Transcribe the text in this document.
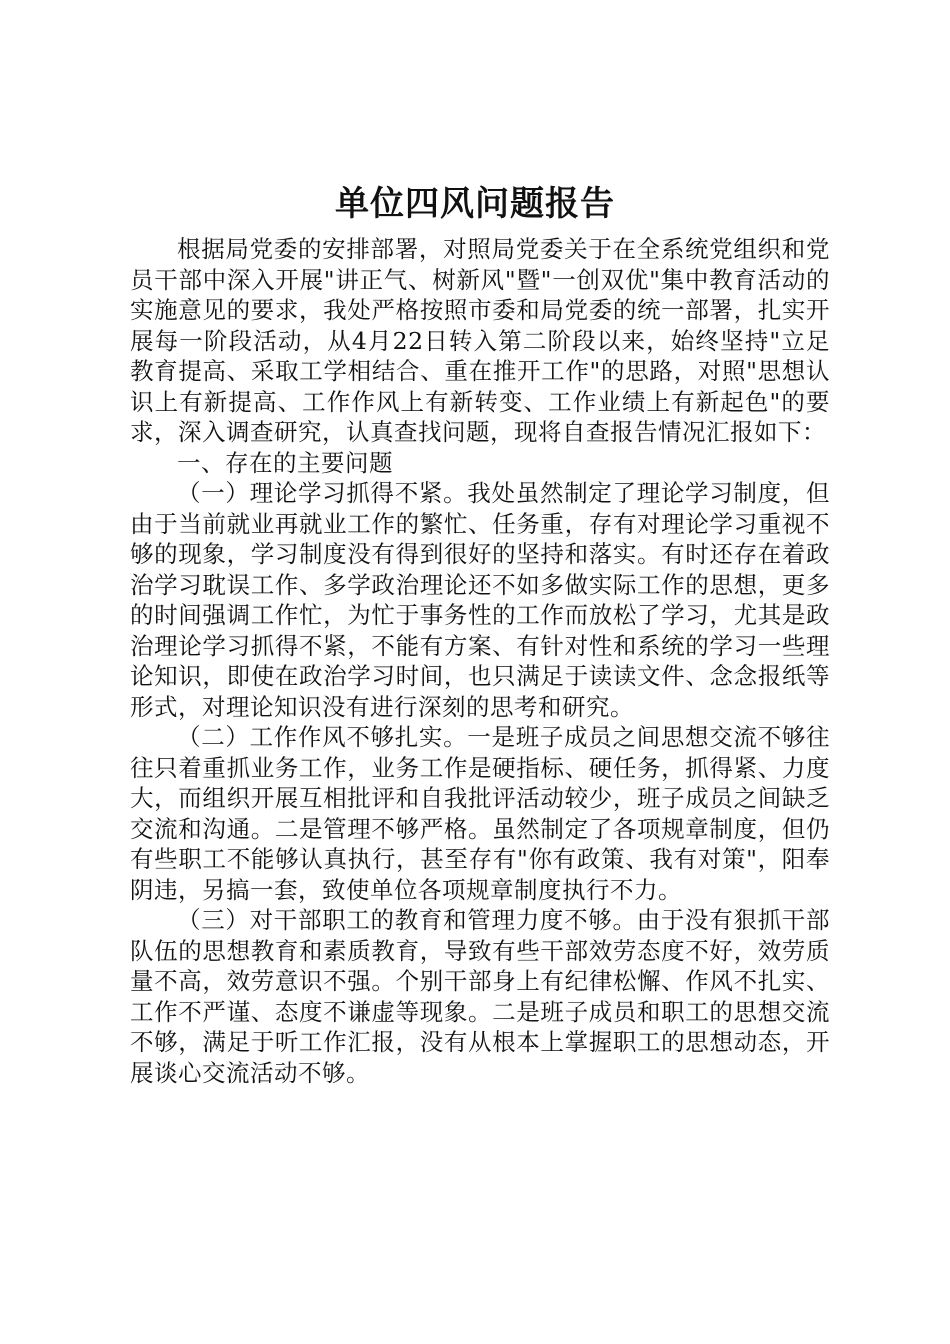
单位四风问题报告

根据局党委的安排部署，对照局党委关于在全系统党组织和党员干部中深入开展"讲正气、树新风"暨"一创双优"集中教育活动的实施意见的要求，我处严格按照市委和局党委的统一部署，扎实开展每一阶段活动，从4月22日转入第二阶段以来，始终坚持"立足教育提高、采取工学相结合、重在推开工作"的思路，对照"思想认识上有新提高、工作作风上有新转变、工作业绩上有新起色"的要求，深入调查研究，认真查找问题，现将自查报告情况汇报如下：

一、存在的主要问题

（一）理论学习抓得不紧。我处虽然制定了理论学习制度，但由于当前就业再就业工作的繁忙、任务重，存有对理论学习重视不够的现象，学习制度没有得到很好的坚持和落实。有时还存在着政治学习耽误工作、多学政治理论还不如多做实际工作的思想，更多的时间强调工作忙，为忙于事务性的工作而放松了学习，尤其是政治理论学习抓得不紧，不能有方案、有针对性和系统的学习一些理论知识，即使在政治学习时间，也只满足于读读文件、念念报纸等形式，对理论知识没有进行深刻的思考和研究。

（二）工作作风不够扎实。一是班子成员之间思想交流不够往往只着重抓业务工作，业务工作是硬指标、硬任务，抓得紧、力度大，而组织开展互相批评和自我批评活动较少，班子成员之间缺乏交流和沟通。二是管理不够严格。虽然制定了各项规章制度，但仍有些职工不能够认真执行，甚至存有"你有政策、我有对策"，阳奉阴违，另搞一套，致使单位各项规章制度执行不力。

（三）对干部职工的教育和管理力度不够。由于没有狠抓干部队伍的思想教育和素质教育，导致有些干部效劳态度不好，效劳质量不高，效劳意识不强。个别干部身上有纪律松懈、作风不扎实、工作不严谨、态度不谦虚等现象。二是班子成员和职工的思想交流不够，满足于听工作汇报，没有从根本上掌握职工的思想动态，开展谈心交流活动不够。
